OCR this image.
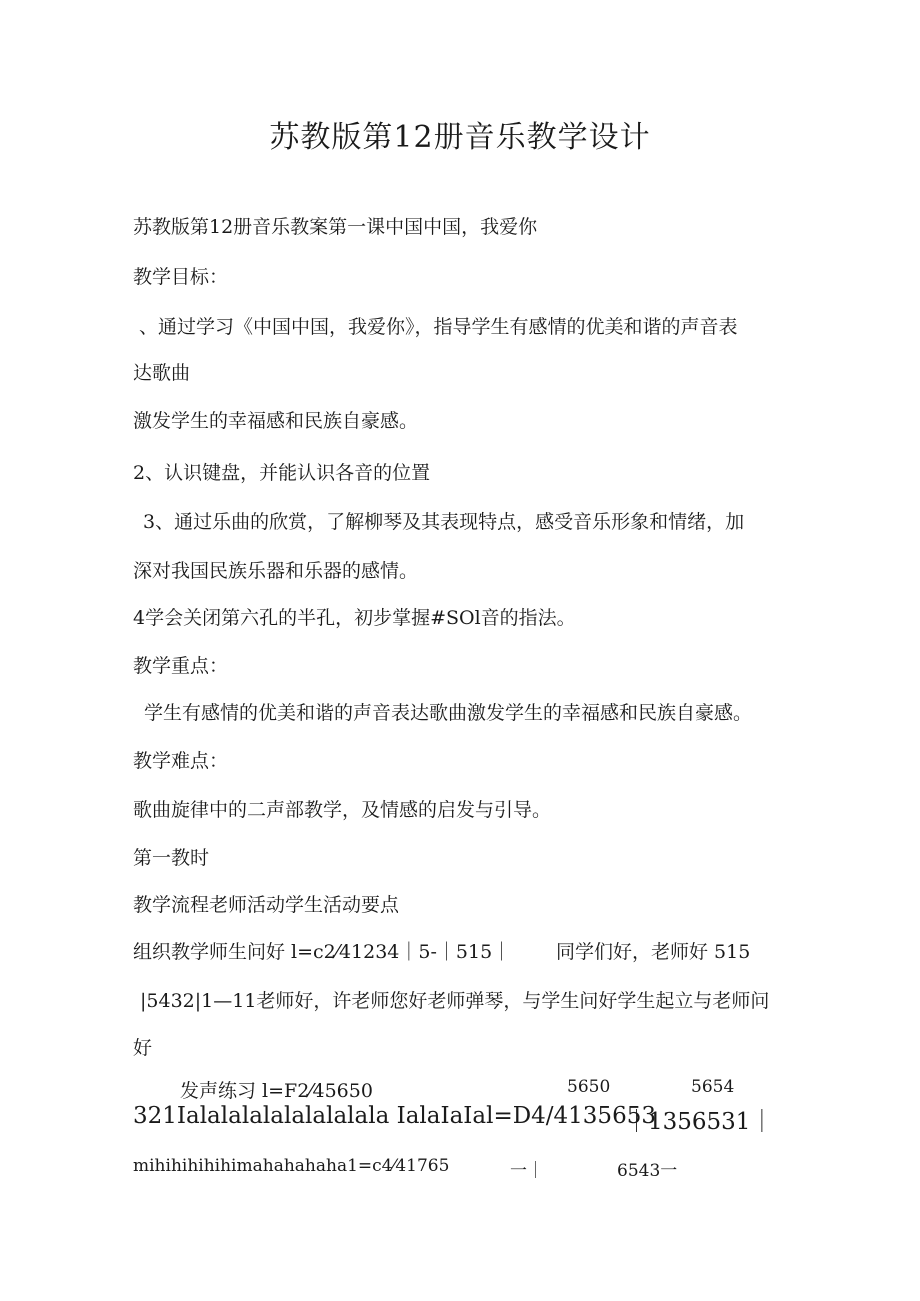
苏教版第12册音乐教学设计
苏教版第12册音乐教案第一课中国中国，我爱你
教学目标：
、通过学习《中国中国，我爱你》，指导学生有感情的优美和谐的声音表
达歌曲
激发学生的幸福感和民族自豪感。
2、认识键盘，并能认识各音的位置
3、通过乐曲的欣赏，了解柳琴及其表现特点，感受音乐形象和情绪，加
深对我国民族乐器和乐器的感情。
4学会关闭第六孔的半孔，初步掌握#SOl音的指法。
教学重点：
学生有感情的优美和谐的声音表达歌曲激发学生的幸福感和民族自豪感。
教学难点：
歌曲旋律中的二声部教学，及情感的启发与引导。
第一教时
教学流程老师活动学生活动要点
组织教学师生问好 l=c2⁄41234｜5-｜515｜ 同学们好，老师好 515
|5432|1—11老师好，许老师您好老师弹琴，与学生问好学生起立与老师问
好
发声练习 l=F2⁄45650	5650	5654
321Ialalalalalalalalala IalaIaIal=D4/4135653
｜1356531｜
mihihihihihimahahahaha1=c4⁄41765	一｜	6543一
